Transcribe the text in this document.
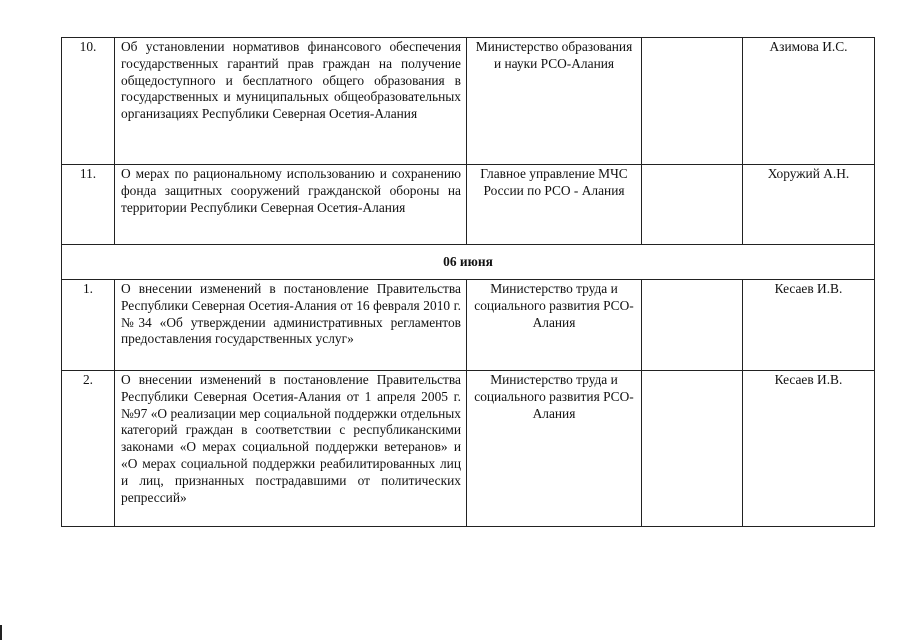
10.	Об установлении нормативов финансового обеспечения государственных гарантий прав граждан на получение общедоступного и бесплатного общего образования в государственных и муниципальных общеобразовательных организациях Республики Северная Осетия-Алания	Министерство образования и науки РСО-Алания		Азимова И.С.
11.	О мерах по рациональному использованию и сохранению фонда защитных сооружений гражданской обороны на территории Республики Северная Осетия-Алания	Главное управление МЧС России по РСО - Алания		Хоружий А.Н.
06 июня				
1.	О внесении изменений в постановление Правительства Республики Северная Осетия-Алания от 16 февраля 2010 г. №34 «Об утверждении административных регламентов предоставления государственных услуг»	Министерство труда и социального развития РСО-Алания		Кесаев И.В.
2.	О внесении изменений в постановление Правительства Республики Северная Осетия-Алания от 1 апреля 2005 г. №97 «О реализации мер социальной поддержки отдельных категорий граждан в соответствии с республиканскими законами «О мерах социальной поддержки ветеранов» и «О мерах социальной поддержки реабилитированных лиц и лиц, признанных пострадавшими от политических репрессий»	Министерство труда и социального развития РСО-Алания		Кесаев И.В.
